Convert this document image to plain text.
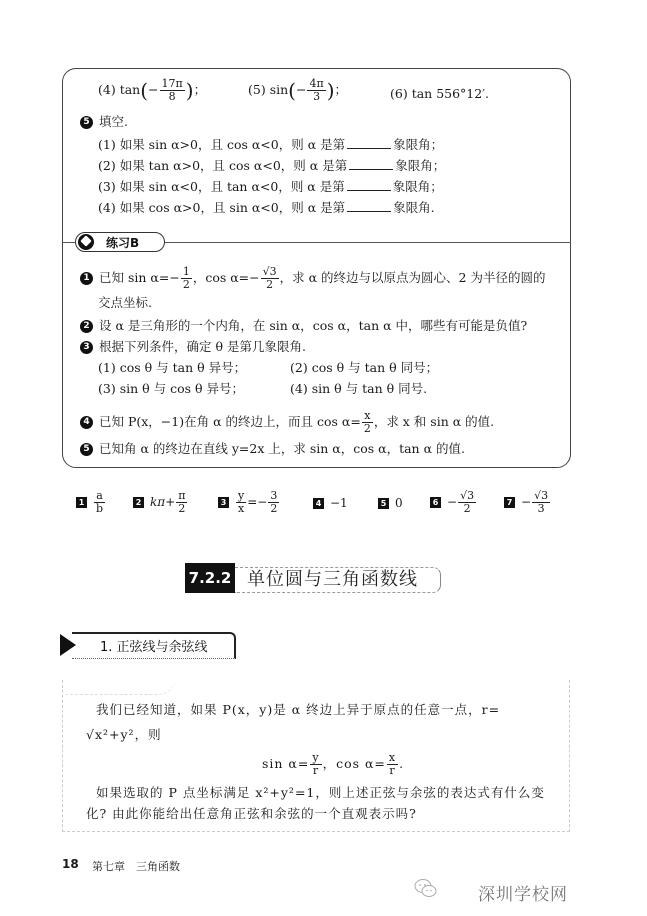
(4) $\tan(- \frac{17\pi}{8}$ )；	(5) $\sin(- \frac{4\pi}{3}$ )；	(6) tan 556°12′.
5 填空.
(1) 如果 sin α>0，且 cos α<0，则 α 是第	象限角；
(2) 如果 tan α>0，且 cos α<0，则 α 是第	象限角；
(3) 如果 sin α<0，且 tan α<0，则 α 是第	象限角；
(4) 如果 cos α>0，且 sin α<0，则 α 是第	象限角.
练习B
1 已知 $\sin \alpha=- \frac{1}{2}$ ，$\cos \alpha=- \frac{√3}{2}$ ，求 α 的终边与以原点为圆心、2 为半径的圆的
交点坐标.
2 设 α 是三角形的一个内角，在 sin α，cos α，tan α 中，哪些有可能是负值?
3 根据下列条件，确定 θ 是第几象限角.
(1) cos θ 与 tan θ 异号；	(2) cos θ 与 tan θ 同号；
(3) sin θ 与 cos θ 异号；	(4) sin θ 与 tan θ 同号.
4 已知 P(x，−1)在角 α 的终边上，而且 $\cos \alpha= \frac{x}{2}$ ，求 x 和 sin α 的值.
5 已知角 α 的终边在直线 y=2x 上，求 sin α，cos α，tan α 的值.
$1 \frac{a}{b}$	2 $k\pi+ \frac{\pi}{2}$	$3 \frac{y}{x} =- \frac{3}{2}$	4 −1	5 0	$6 - \frac{√3}{2}$	$7 - \frac{√3}{3}$
7.2.2 单位圆与三角函数线
1. 正弦线与余弦线
我们已经知道，如果 P(x，y)是 α 终边上异于原点的任意一点，r=
√x²+y²，则
$\sin \alpha= \frac{y}{r}$ ，$\cos \alpha= \frac{x}{r}$ .
如果选取的 P 点坐标满足 x²+y²=1，则上述正弦与余弦的表达式有什么变
化? 由此你能给出任意角正弦和余弦的一个直观表示吗?
18 第七章　三角函数
深圳学校网
